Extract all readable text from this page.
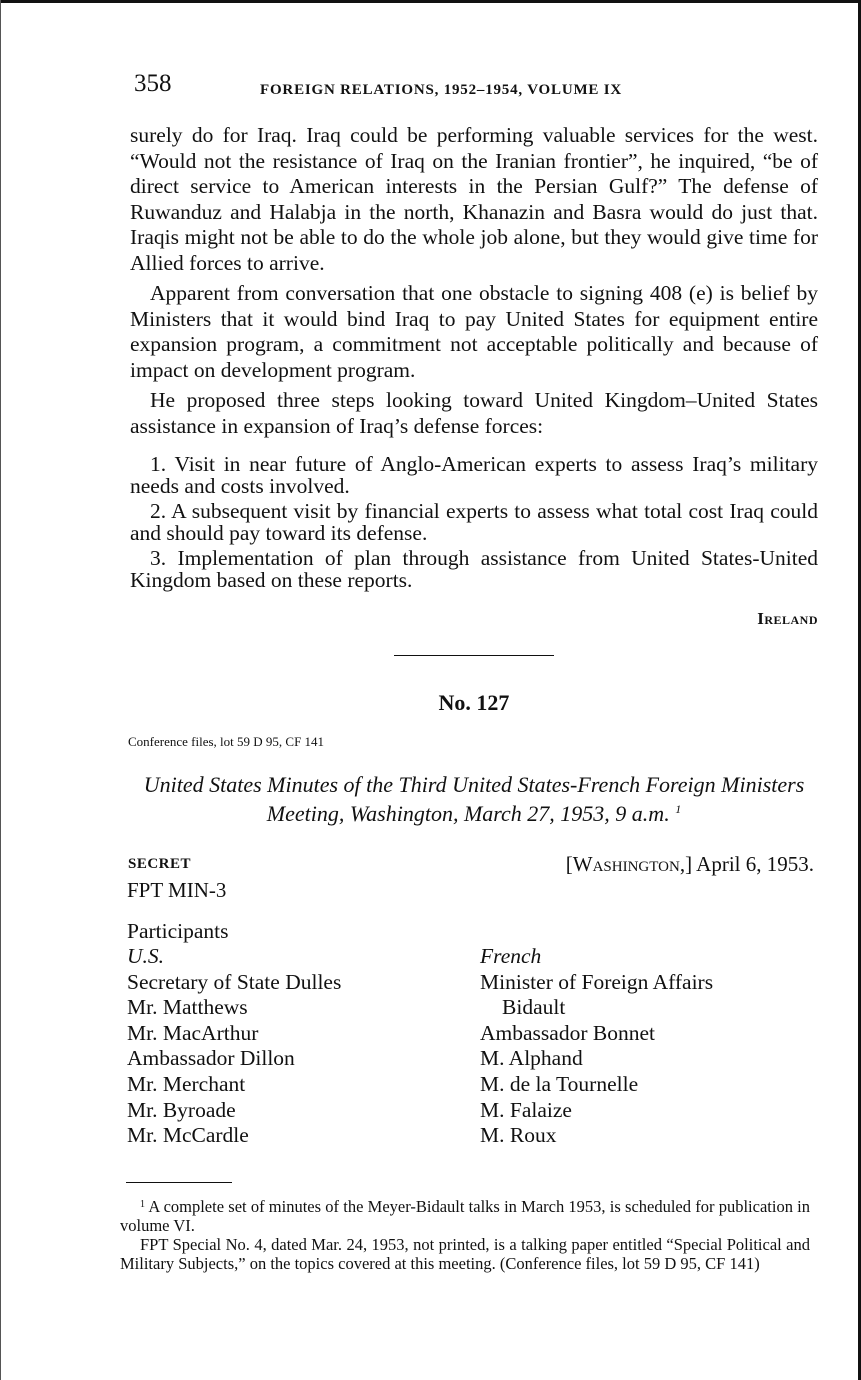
358	FOREIGN RELATIONS, 1952–1954, VOLUME IX

surely do for Iraq. Iraq could be performing valuable services for the west. “Would not the resistance of Iraq on the Iranian frontier”, he inquired, “be of direct service to American interests in the Persian Gulf?” The defense of Ruwanduz and Halabja in the north, Khanazin and Basra would do just that. Iraqis might not be able to do the whole job alone, but they would give time for Allied forces to arrive.

Apparent from conversation that one obstacle to signing 408 (e) is belief by Ministers that it would bind Iraq to pay United States for equipment entire expansion program, a commitment not acceptable politically and because of impact on development program.

He proposed three steps looking toward United Kingdom–United States assistance in expansion of Iraq’s defense forces:

1. Visit in near future of Anglo-American experts to assess Iraq’s military needs and costs involved.

2. A subsequent visit by financial experts to assess what total cost Iraq could and should pay toward its defense.

3. Implementation of plan through assistance from United States-United Kingdom based on these reports.

Ireland
No. 127
Conference files, lot 59 D 95, CF 141
United States Minutes of the Third United States-French Foreign Ministers Meeting, Washington, March 27, 1953, 9 a.m. $^1$
SECRET	[Washington,] April 6, 1953.
FPT MIN-3
Participants
U.S.
Secretary of State Dulles
Mr. Matthews
Mr. MacArthur
Ambassador Dillon
Mr. Merchant
Mr. Byroade
Mr. McCardle
French
Minister of Foreign Affairs
Bidault
Ambassador Bonnet
M. Alphand
M. de la Tournelle
M. Falaize
M. Roux

$^1$ A complete set of minutes of the Meyer-Bidault talks in March 1953, is scheduled for publication in volume VI.

FPT Special No. 4, dated Mar. 24, 1953, not printed, is a talking paper entitled “Special Political and Military Subjects,” on the topics covered at this meeting. (Conference files, lot 59 D 95, CF 141)
